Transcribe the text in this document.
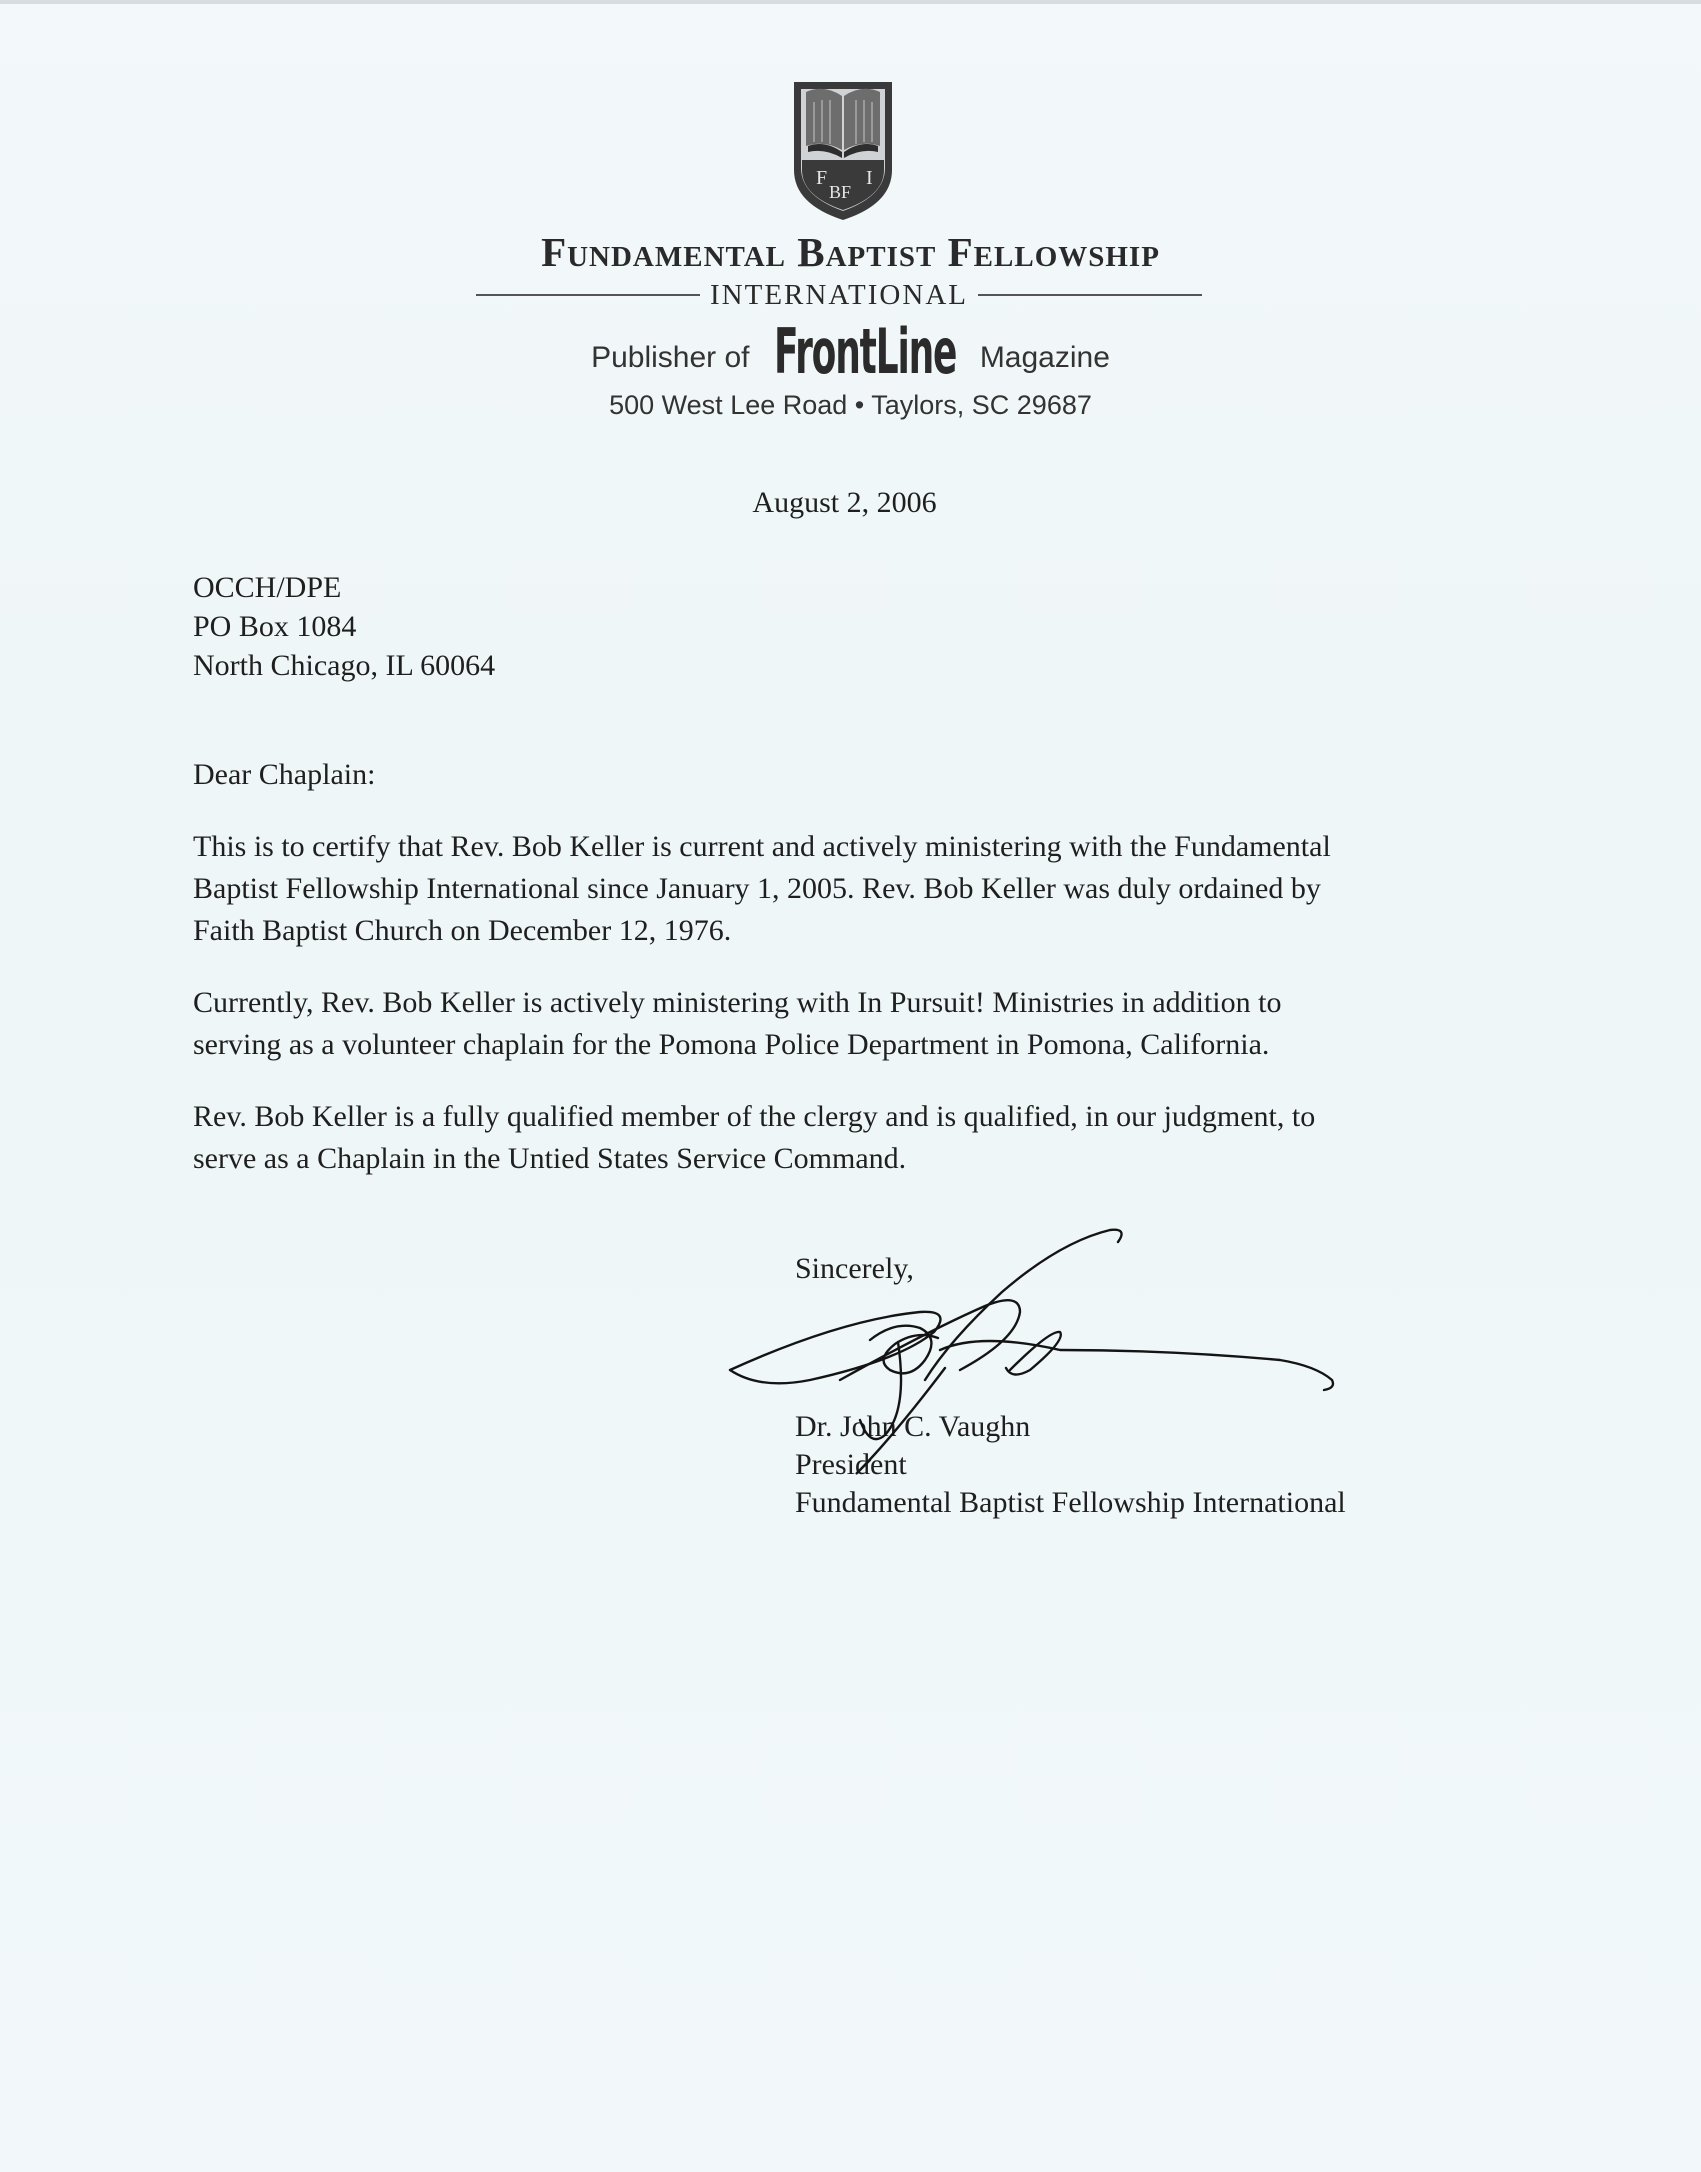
F I
BF
Fundamental Baptist Fellowship
INTERNATIONAL
Publisher of FrontLine Magazine
500 West Lee Road • Taylors, SC 29687
August 2, 2006
OCCH/DPE
PO Box 1084
North Chicago, IL 60064
Dear Chaplain:
This is to certify that Rev. Bob Keller is current and actively ministering with the Fundamental
Baptist Fellowship International since January 1, 2005. Rev. Bob Keller was duly ordained by
Faith Baptist Church on December 12, 1976.
Currently, Rev. Bob Keller is actively ministering with In Pursuit! Ministries in addition to
serving as a volunteer chaplain for the Pomona Police Department in Pomona, California.
Rev. Bob Keller is a fully qualified member of the clergy and is qualified, in our judgment, to
serve as a Chaplain in the Untied States Service Command.
Sincerely,
Dr. John C. Vaughn
President
Fundamental Baptist Fellowship International
